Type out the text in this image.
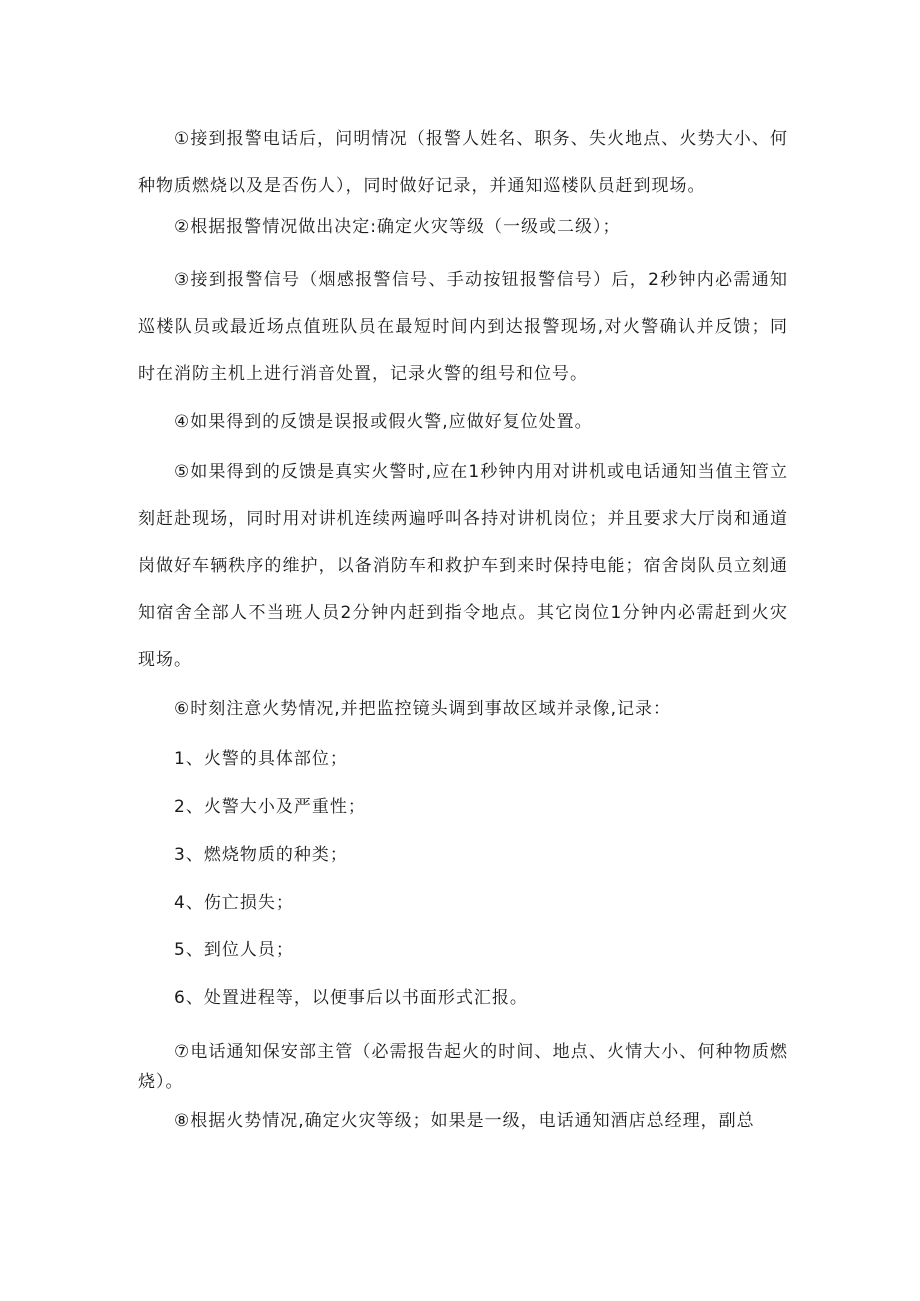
①接到报警电话后，问明情况（报警人姓名、职务、失火地点、火势大小、何种物质燃烧以及是否伤人），同时做好记录，并通知巡楼队员赶到现场。

②根据报警情况做出决定:确定火灾等级（一级或二级）；

③接到报警信号（烟感报警信号、手动按钮报警信号）后，2秒钟内必需通知巡楼队员或最近场点值班队员在最短时间内到达报警现场,对火警确认并反馈；同时在消防主机上进行消音处置，记录火警的组号和位号。

④如果得到的反馈是误报或假火警,应做好复位处置。

⑤如果得到的反馈是真实火警时,应在1秒钟内用对讲机或电话通知当值主管立刻赶赴现场，同时用对讲机连续两遍呼叫各持对讲机岗位；并且要求大厅岗和通道岗做好车辆秩序的维护，以备消防车和救护车到来时保持电能；宿舍岗队员立刻通知宿舍全部人不当班人员2分钟内赶到指令地点。其它岗位1分钟内必需赶到火灾现场。

⑥时刻注意火势情况,并把监控镜头调到事故区域并录像,记录：

1、火警的具体部位；

2、火警大小及严重性；

3、燃烧物质的种类；

4、伤亡损失；

5、到位人员；

6、处置进程等，以便事后以书面形式汇报。

⑦电话通知保安部主管（必需报告起火的时间、地点、火情大小、何种物质燃烧）。

⑧根据火势情况,确定火灾等级；如果是一级，电话通知酒店总经理，副总
